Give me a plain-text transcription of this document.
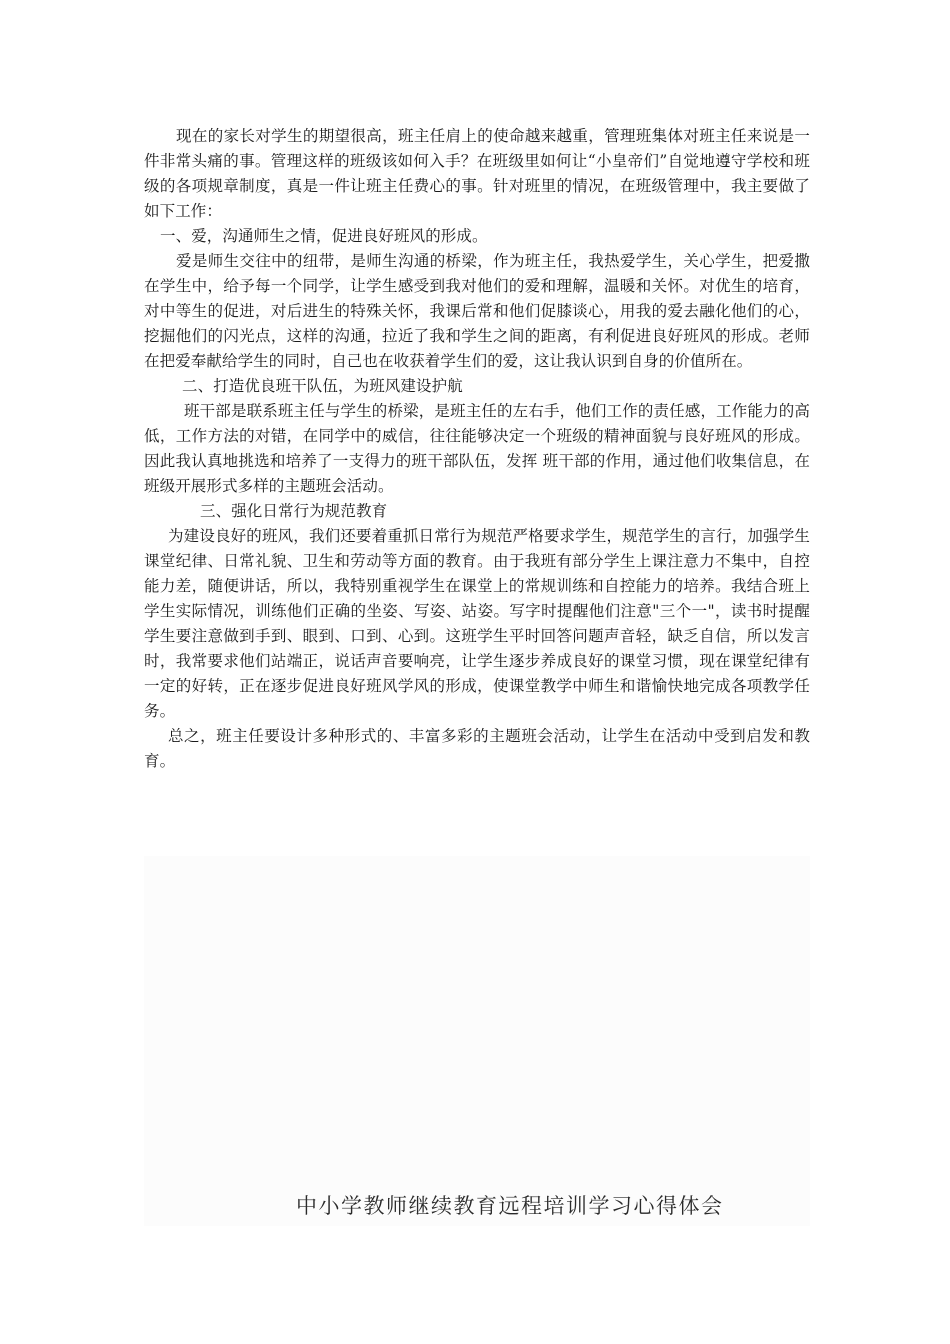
现在的家长对学生的期望很高，班主任肩上的使命越来越重，管理班集体对班主任来说是一件非常头痛的事。管理这样的班级该如何入手？在班级里如何让“小皇帝们”自觉地遵守学校和班级的各项规章制度，真是一件让班主任费心的事。针对班里的情况，在班级管理中，我主要做了如下工作：

一、爱，沟通师生之情，促进良好班风的形成。

爱是师生交往中的纽带，是师生沟通的桥梁，作为班主任，我热爱学生，关心学生，把爱撒在学生中，给予每一个同学，让学生感受到我对他们的爱和理解，温暖和关怀。对优生的培育，对中等生的促进，对后进生的特殊关怀，我课后常和他们促膝谈心，用我的爱去融化他们的心，挖掘他们的闪光点，这样的沟通，拉近了我和学生之间的距离，有利促进良好班风的形成。老师在把爱奉献给学生的同时，自己也在收获着学生们的爱，这让我认识到自身的价值所在。

二、打造优良班干队伍，为班风建设护航

班干部是联系班主任与学生的桥梁，是班主任的左右手，他们工作的责任感，工作能力的高低，工作方法的对错，在同学中的威信，往往能够决定一个班级的精神面貌与良好班风的形成。因此我认真地挑选和培养了一支得力的班干部队伍，发挥 班干部的作用，通过他们收集信息，在班级开展形式多样的主题班会活动。

三、强化日常行为规范教育

为建设良好的班风，我们还要着重抓日常行为规范严格要求学生，规范学生的言行，加强学生课堂纪律、日常礼貌、卫生和劳动等方面的教育。由于我班有部分学生上课注意力不集中，自控能力差，随便讲话，所以，我特别重视学生在课堂上的常规训练和自控能力的培养。我结合班上学生实际情况，训练他们正确的坐姿、写姿、站姿。写字时提醒他们注意"三个一"，读书时提醒学生要注意做到手到、眼到、口到、心到。这班学生平时回答问题声音轻，缺乏自信，所以发言时，我常要求他们站端正，说话声音要响亮，让学生逐步养成良好的课堂习惯，现在课堂纪律有一定的好转，正在逐步促进良好班风学风的形成，使课堂教学中师生和谐愉快地完成各项教学任务。

总之，班主任要设计多种形式的、丰富多彩的主题班会活动，让学生在活动中受到启发和教育。

中小学教师继续教育远程培训学习心得体会
